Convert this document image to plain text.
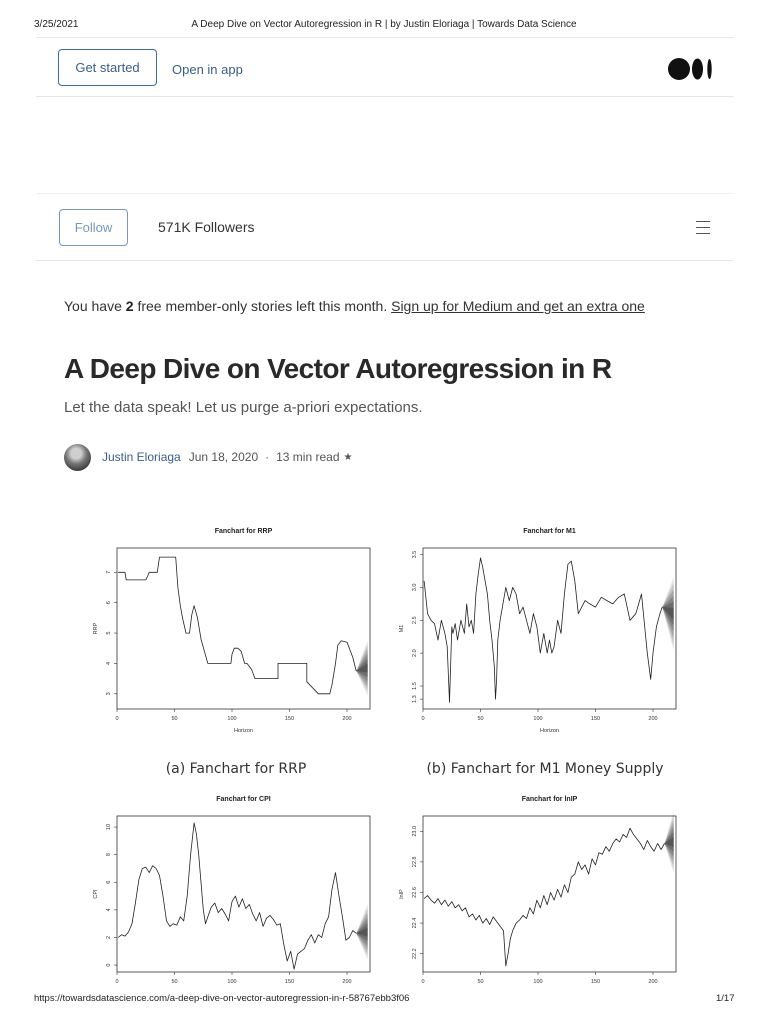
3/25/2021	A Deep Dive on Vector Autoregression in R | by Justin Eloriaga | Towards Data Science
Get started	Open in app
Follow	571K Followers
You have 2 free member-only stories left this month. Sign up for Medium and get an extra one
A Deep Dive on Vector Autoregression in R
Let the data speak! Let us purge a-priori expectations.
Justin Eloriaga Jun 18, 2020 · 13 min read ★
Fanchart for RRP
0	50	100	150	200
3
4
5
6
7
Horizon
RRP
(a) Fanchart for RRP
Fanchart for M1
0	50	100	150	200
1.5
2.0
2.5
3.0
3.5
1.3
Horizon
M1
(b) Fanchart for M1 Money Supply
Fanchart for CPI
0	50	100	150	200
0
2
4
6
8
10
CPI
Fanchart for lnIP
0	50	100	150	200
22.2
22.4
22.6
22.8
23.0
lnIP
https://towardsdatascience.com/a-deep-dive-on-vector-autoregression-in-r-58767ebb3f06	1/17
